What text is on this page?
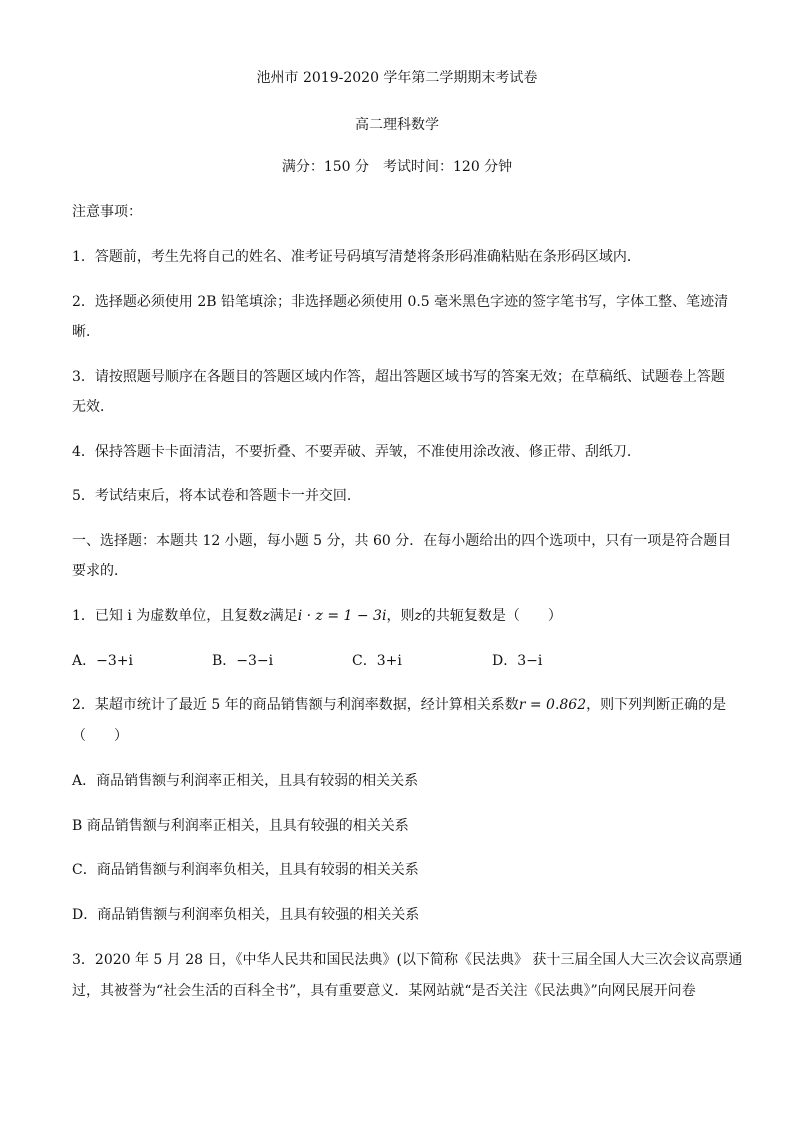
池州市 2019-2020 学年第二学期期末考试卷
高二理科数学
满分：150 分　考试时间：120 分钟
注意事项：
1．答题前，考生先将自己的姓名、准考证号码填写清楚将条形码准确粘贴在条形码区域内．
2．选择题必须使用 2B 铅笔填涂；非选择题必须使用 0.5 毫米黑色字迹的签字笔书写，字体工整、笔迹清
晰．
3．请按照题号顺序在各题目的答题区域内作答，超出答题区域书写的答案无效；在草稿纸、试题卷上答题
无效．
4．保持答题卡卡面清洁，不要折叠、不要弄破、弄皱，不准使用涂改液、修正带、刮纸刀．
5．考试结束后，将本试卷和答题卡一并交回．
一、选择题：本题共 12 小题，每小题 5 分，共 60 分．在每小题给出的四个选项中，只有一项是符合题目
要求的．
1．已知 i 为虚数单位，且复数z满足i · z = 1 − 3i，则z的共轭复数是（　　）
A．−3+i	B．−3−i	C．3+i	D．3−i
2．某超市统计了最近 5 年的商品销售额与利润率数据，经计算相关系数r = 0.862，则下列判断正确的是
（　　）
A．商品销售额与利润率正相关，且具有较弱的相关关系
B 商品销售额与利润率正相关，且具有较强的相关关系
C．商品销售额与利润率负相关，且具有较弱的相关关系
D．商品销售额与利润率负相关，且具有较强的相关关系
3．2020 年 5 月 28 日，《中华人民共和国民法典》(以下简称《民法典》 获十三届全国人大三次会议高票通
过，其被誉为“社会生活的百科全书”，具有重要意义．某网站就“是否关注《民法典》”向网民展开问卷
